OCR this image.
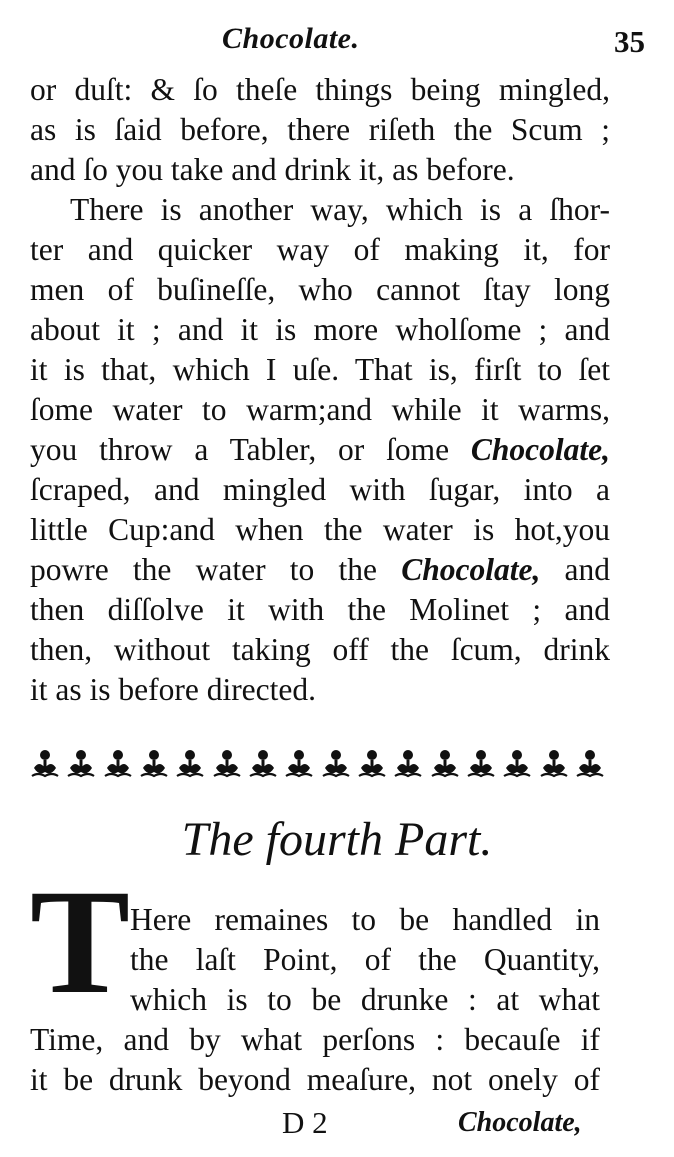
Chocolate.	35
or duſt: & ſo theſe things being mingled,
as is ſaid before, there riſeth the Scum ;
and ſo you take and drink it, as before.
There is another way, which is a ſhor-
ter and quicker way of making it, for
men of buſineſſe, who cannot ſtay long
about it ; and it is more wholſome ; and
it is that, which I uſe. That is, firſt to ſet
ſome water to warm;and while it warms,
you throw a Tabler, or ſome Chocolate,
ſcraped, and mingled with ſugar, into a
little Cup:and when the water is hot,you
powre the water to the Chocolate, and
then diſſolve it with the Molinet ; and
then, without taking off the ſcum, drink
it as is before directed.
The fourth Part.
T Here remaines to be handled in
the laſt Point, of the Quantity,
which is to be drunke : at what
Time, and by what perſons : becauſe if
it be drunk beyond meaſure, not onely of
D 2	Chocolate,
